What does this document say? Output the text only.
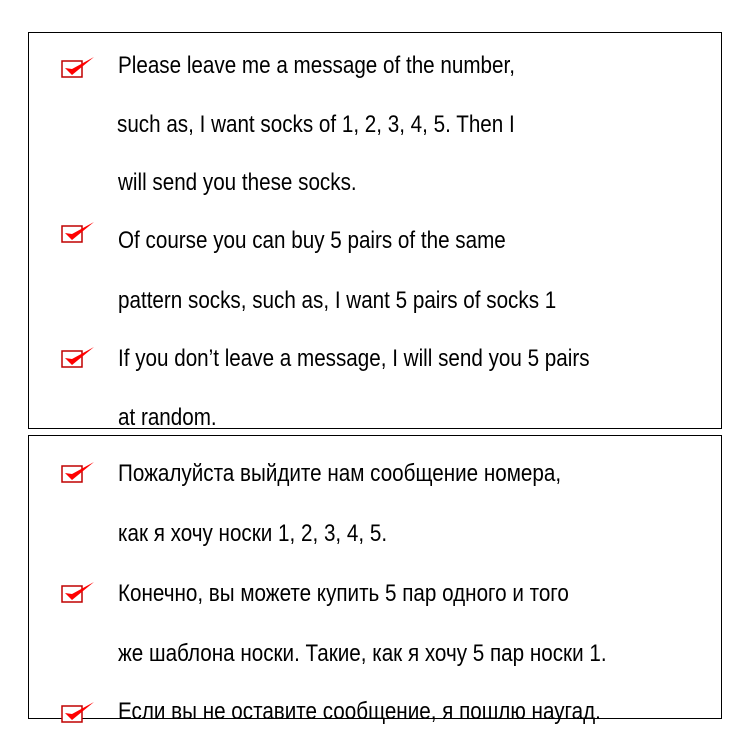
Please leave me a message of the number,
such as, I want socks of 1, 2, 3, 4, 5. Then I
will send you these socks.
Of course you can buy 5 pairs of the same
pattern socks, such as, I want 5 pairs of socks 1
If you don’t leave a message, I will send you 5 pairs
at random.
Пожалуйста выйдите нам сообщение номера,
как я хочу носки 1, 2, 3, 4, 5.
Конечно, вы можете купить 5 пар одного и того
же шаблона носки. Такие, как я хочу 5 пар носки 1.
Если вы не оставите сообщение, я пошлю наугад.
